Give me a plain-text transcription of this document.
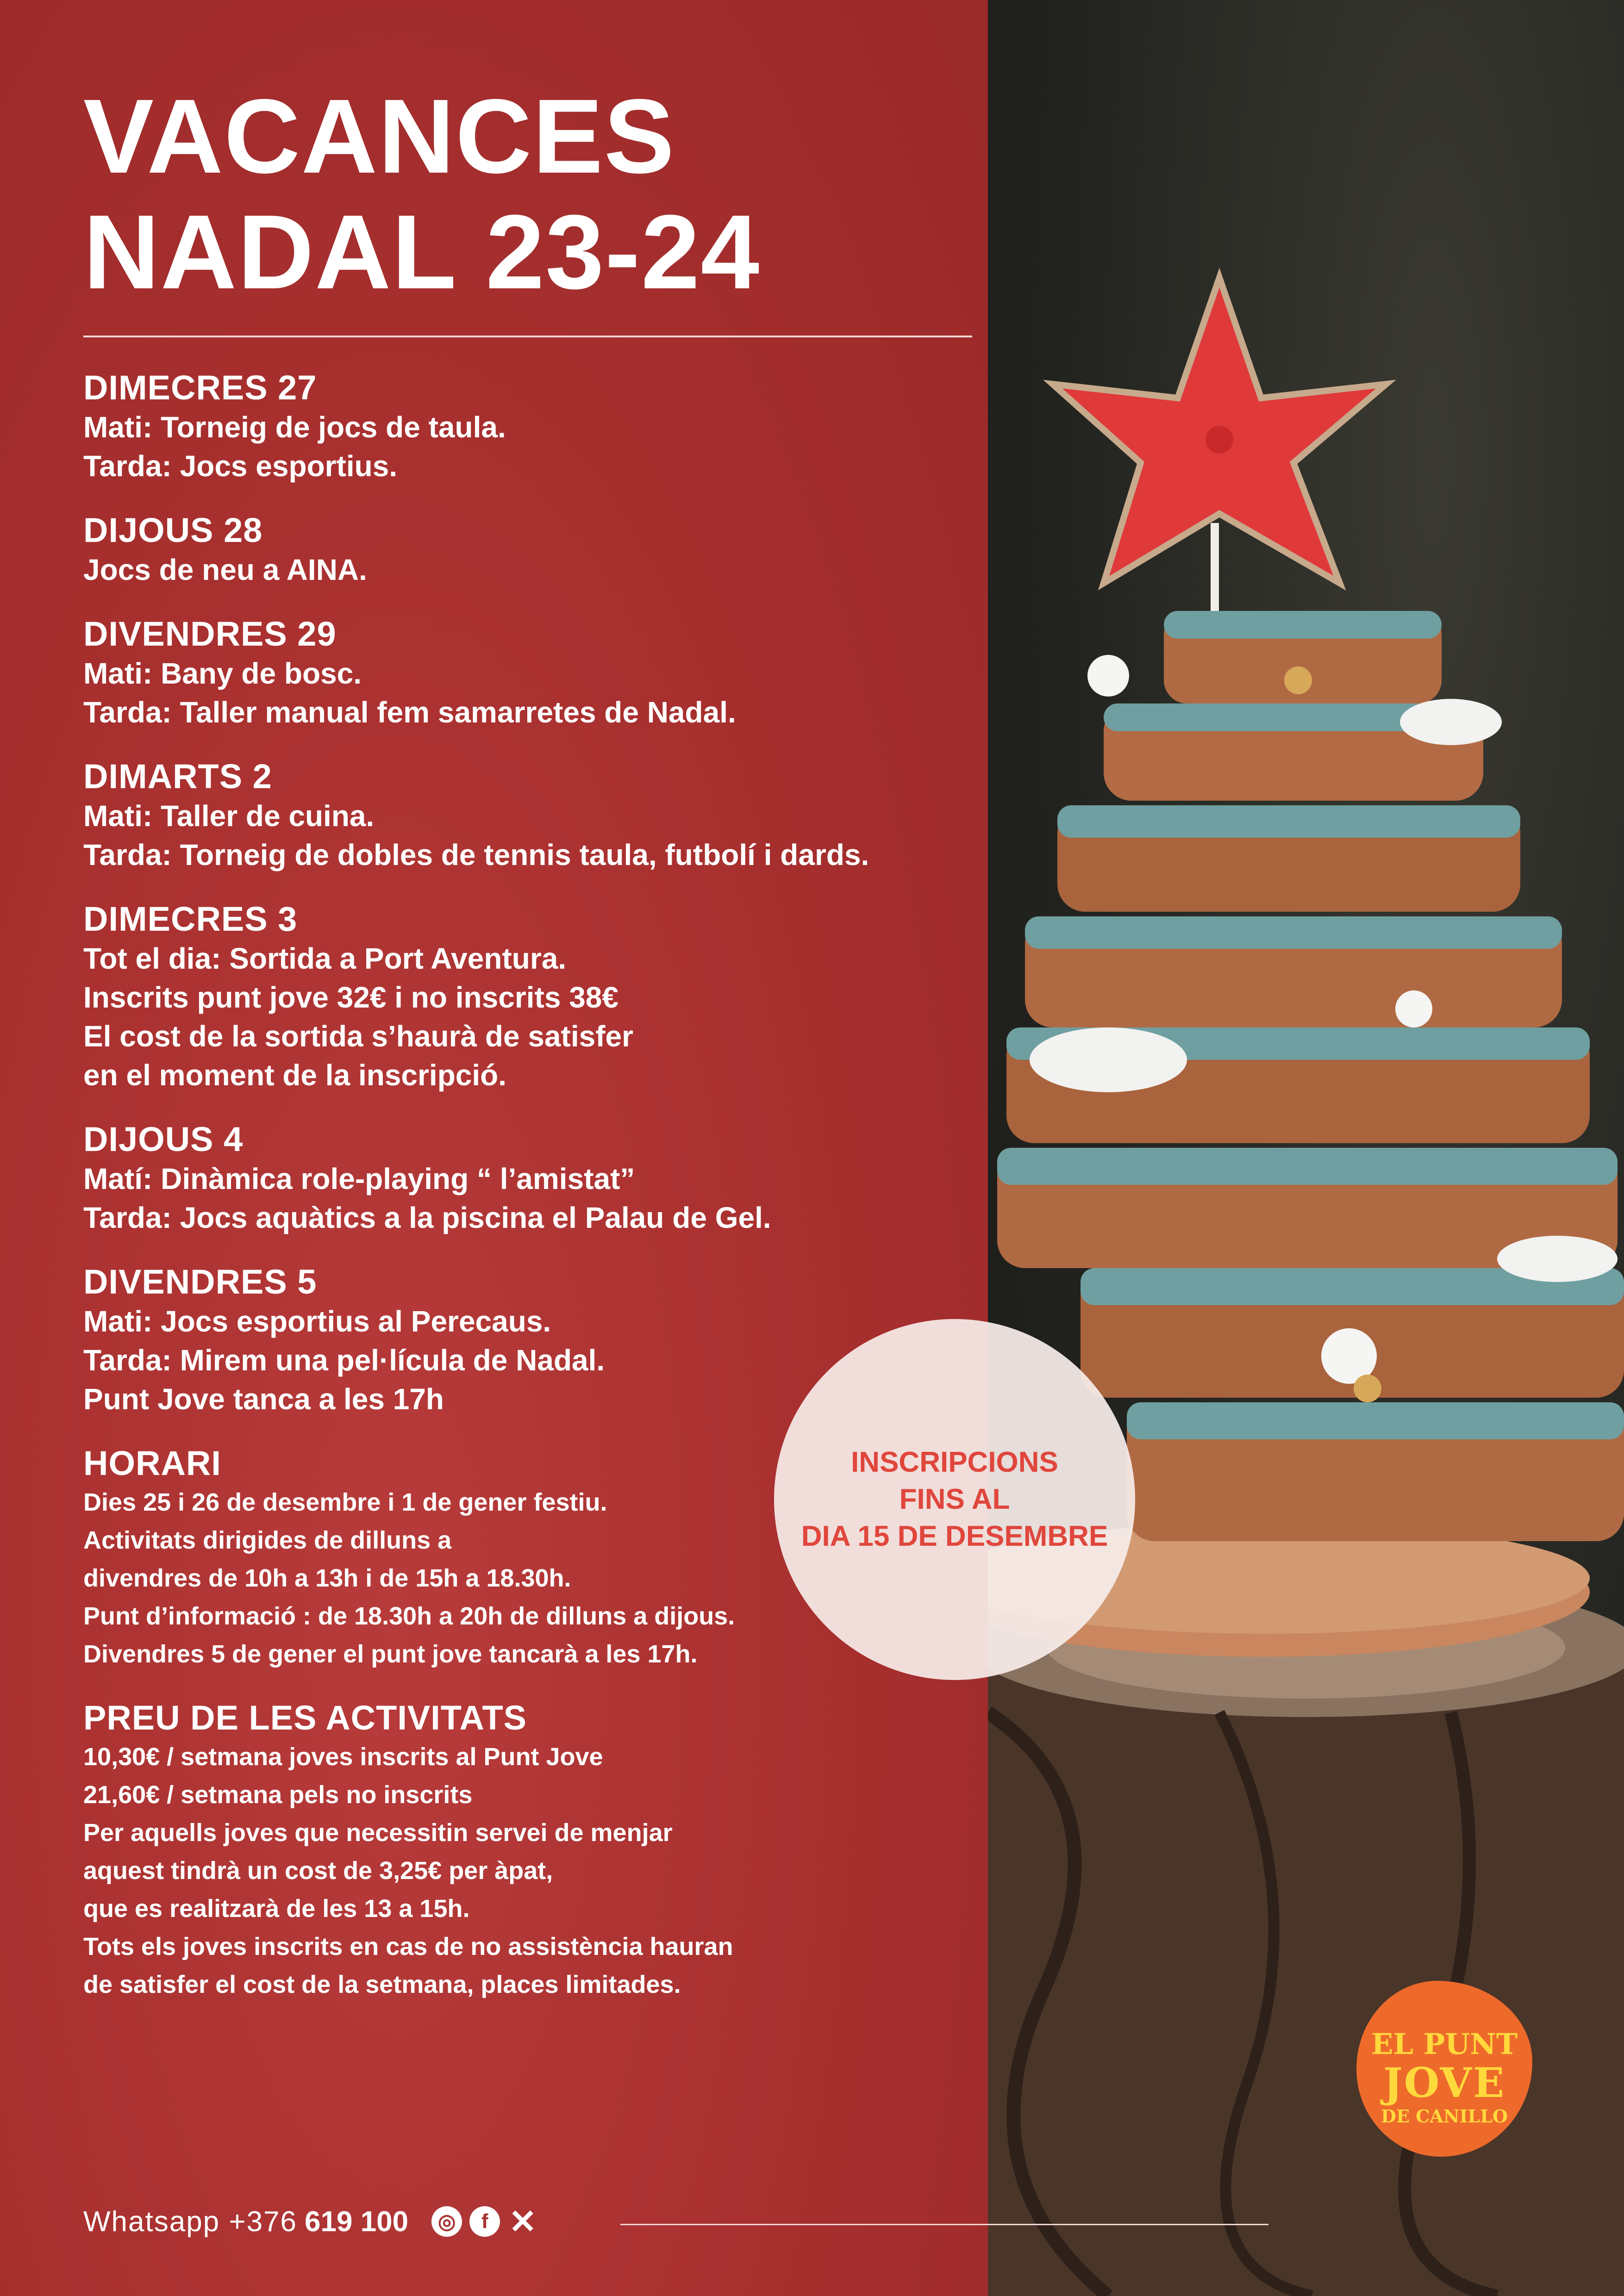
VACANCES
NADAL 23-24
DIMECRES 27

Mati: Torneig de jocs de taula.

Tarda: Jocs esportius.

DIJOUS 28

Jocs de neu a AINA.

DIVENDRES 29

Mati: Bany de bosc.

Tarda: Taller manual fem samarretes de Nadal.

DIMARTS 2

Mati: Taller de cuina.

Tarda: Torneig de dobles de tennis taula, futbolí i dards.

DIMECRES 3

Tot el dia: Sortida a Port Aventura.

Inscrits punt jove 32€ i no inscrits 38€

El cost de la sortida s’haurà de satisfer

en el moment de la inscripció.

DIJOUS 4

Matí: Dinàmica role-playing “ l’amistat”

Tarda: Jocs aquàtics a la piscina el Palau de Gel.

DIVENDRES 5

Mati: Jocs esportius al Perecaus.

Tarda: Mirem una pel·lícula de Nadal.

Punt Jove tanca a les 17h

HORARI

Dies 25 i 26 de desembre i 1 de gener festiu.

Activitats dirigides de dilluns a

divendres de 10h a 13h i de 15h a 18.30h.

Punt d’informació : de 18.30h a 20h de dilluns a dijous.

Divendres 5 de gener el punt jove tancarà a les 17h.

PREU DE LES ACTIVITATS

10,30€ / setmana joves inscrits al Punt Jove

21,60€ / setmana pels no inscrits

Per aquells joves que necessitin servei de menjar

aquest tindrà un cost de 3,25€ per àpat,

que es realitzarà de les 13 a 15h.

Tots els joves inscrits en cas de no assistència hauran

de satisfer el cost de la setmana, places limitades.

INSCRIPCIONS
FINS AL
DIA 15 DE DESEMBRE
Whatsapp +376 619 100	◎	f ✕
EL PUNT
JOVE
DE CANILLO
